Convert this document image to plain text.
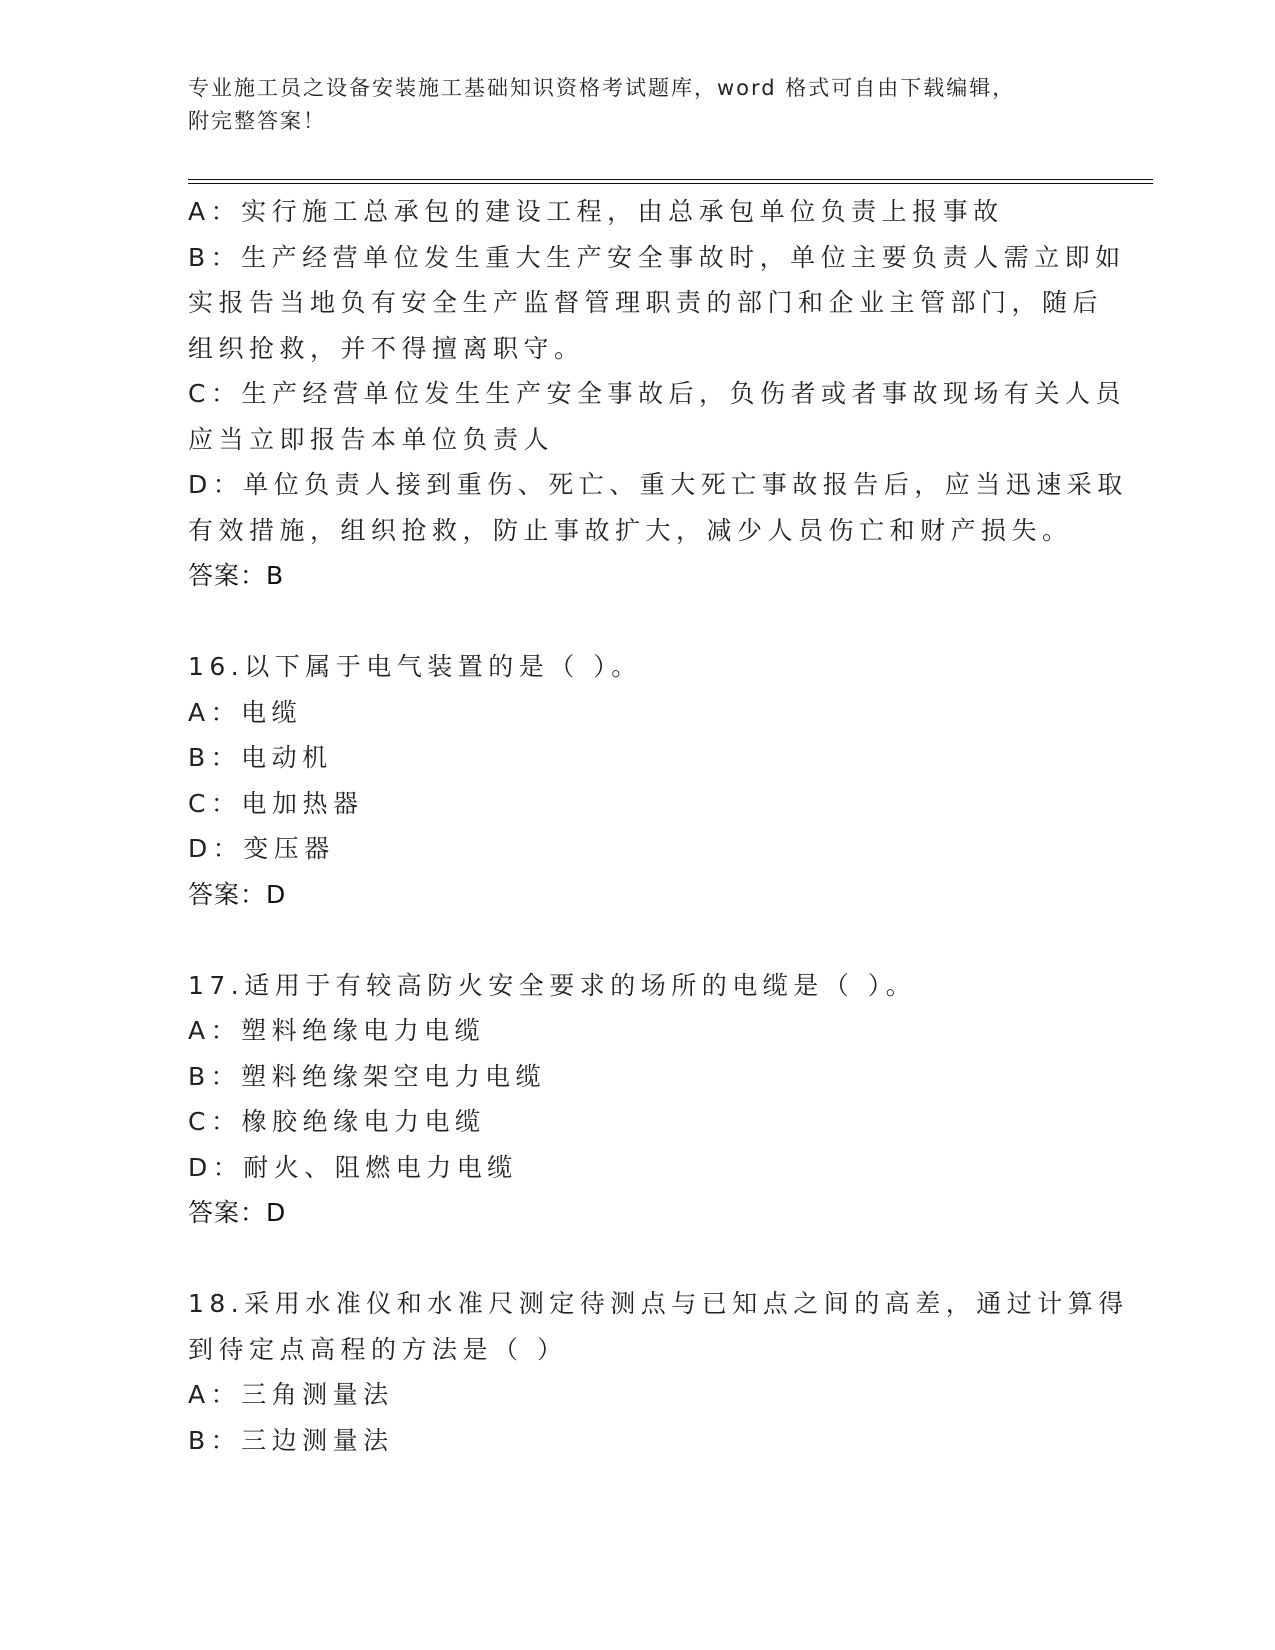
专业施工员之设备安装施工基础知识资格考试题库，word 格式可自由下载编辑，
附完整答案！
A：实行施工总承包的建设工程，由总承包单位负责上报事故
B：生产经营单位发生重大生产安全事故时，单位主要负责人需立即如
实报告当地负有安全生产监督管理职责的部门和企业主管部门，随后
组织抢救，并不得擅离职守。
C：生产经营单位发生生产安全事故后，负伤者或者事故现场有关人员
应当立即报告本单位负责人
D：单位负责人接到重伤、死亡、重大死亡事故报告后，应当迅速采取
有效措施，组织抢救，防止事故扩大，减少人员伤亡和财产损失。
答案：B
16.以下属于电气装置的是（ ）。
A：电缆
B：电动机
C：电加热器
D：变压器
答案：D
17.适用于有较高防火安全要求的场所的电缆是（ ）。
A：塑料绝缘电力电缆
B：塑料绝缘架空电力电缆
C：橡胶绝缘电力电缆
D：耐火、阻燃电力电缆
答案：D
18.采用水准仪和水准尺测定待测点与已知点之间的高差，通过计算得
到待定点高程的方法是（ ）
A：三角测量法
B：三边测量法
